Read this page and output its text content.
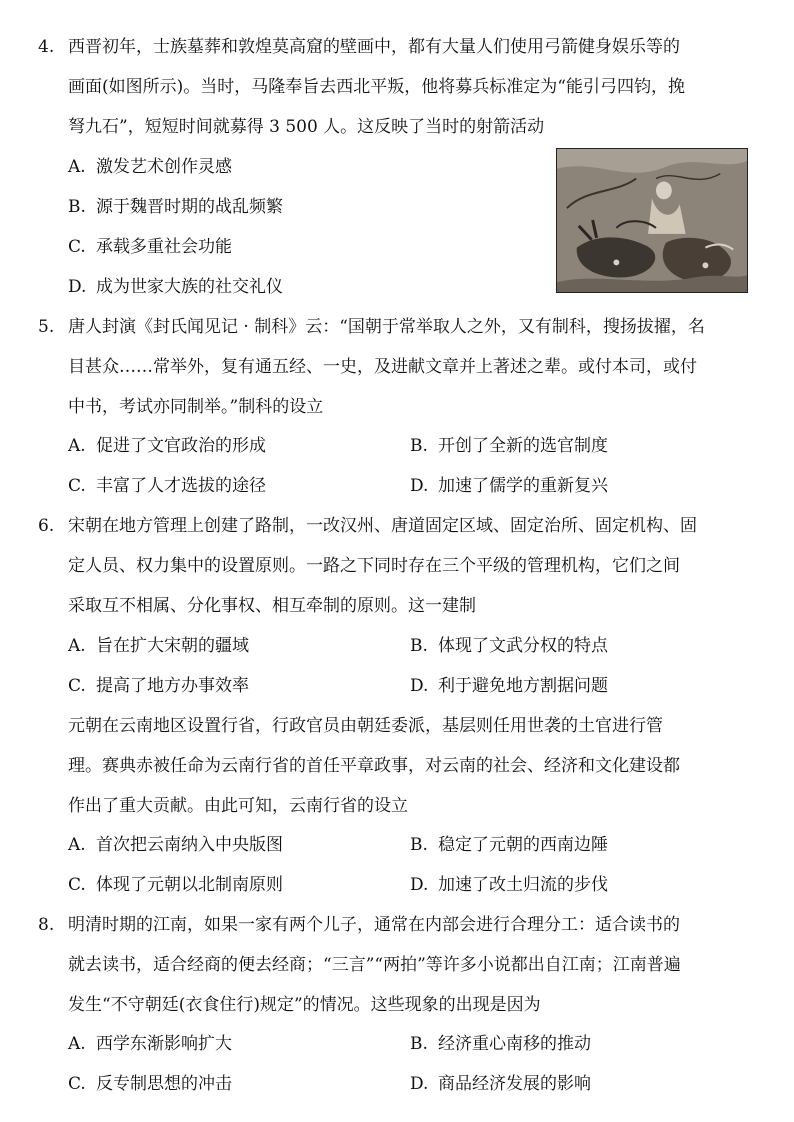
4. 西晋初年，士族墓葬和敦煌莫高窟的壁画中，都有大量人们使用弓箭健身娱乐等的
画面(如图所示)。当时，马隆奉旨去西北平叛，他将募兵标准定为“能引弓四钧，挽
弩九石”，短短时间就募得 3 500 人。这反映了当时的射箭活动
A. 激发艺术创作灵感
B. 源于魏晋时期的战乱频繁
C. 承载多重社会功能
D. 成为世家大族的社交礼仪
5. 唐人封演《封氏闻见记 · 制科》云：“国朝于常举取人之外，又有制科，搜扬拔擢，名
目甚众……常举外，复有通五经、一史，及进献文章并上著述之辈。或付本司，或付
中书，考试亦同制举。”制科的设立
A. 促进了文官政治的形成	B. 开创了全新的选官制度
C. 丰富了人才选拔的途径	D. 加速了儒学的重新复兴
6. 宋朝在地方管理上创建了路制，一改汉州、唐道固定区域、固定治所、固定机构、固
定人员、权力集中的设置原则。一路之下同时存在三个平级的管理机构，它们之间
采取互不相属、分化事权、相互牵制的原则。这一建制
A. 旨在扩大宋朝的疆域	B. 体现了文武分权的特点
C. 提高了地方办事效率	D. 利于避免地方割据问题
元朝在云南地区设置行省，行政官员由朝廷委派，基层则任用世袭的土官进行管
理。赛典赤被任命为云南行省的首任平章政事，对云南的社会、经济和文化建设都
作出了重大贡献。由此可知，云南行省的设立
A. 首次把云南纳入中央版图	B. 稳定了元朝的西南边陲
C. 体现了元朝以北制南原则	D. 加速了改土归流的步伐
8. 明清时期的江南，如果一家有两个儿子，通常在内部会进行合理分工：适合读书的
就去读书，适合经商的便去经商；“三言”“两拍”等许多小说都出自江南；江南普遍
发生“不守朝廷(衣食住行)规定”的情况。这些现象的出现是因为
A. 西学东渐影响扩大	B. 经济重心南移的推动
C. 反专制思想的冲击	D. 商品经济发展的影响
